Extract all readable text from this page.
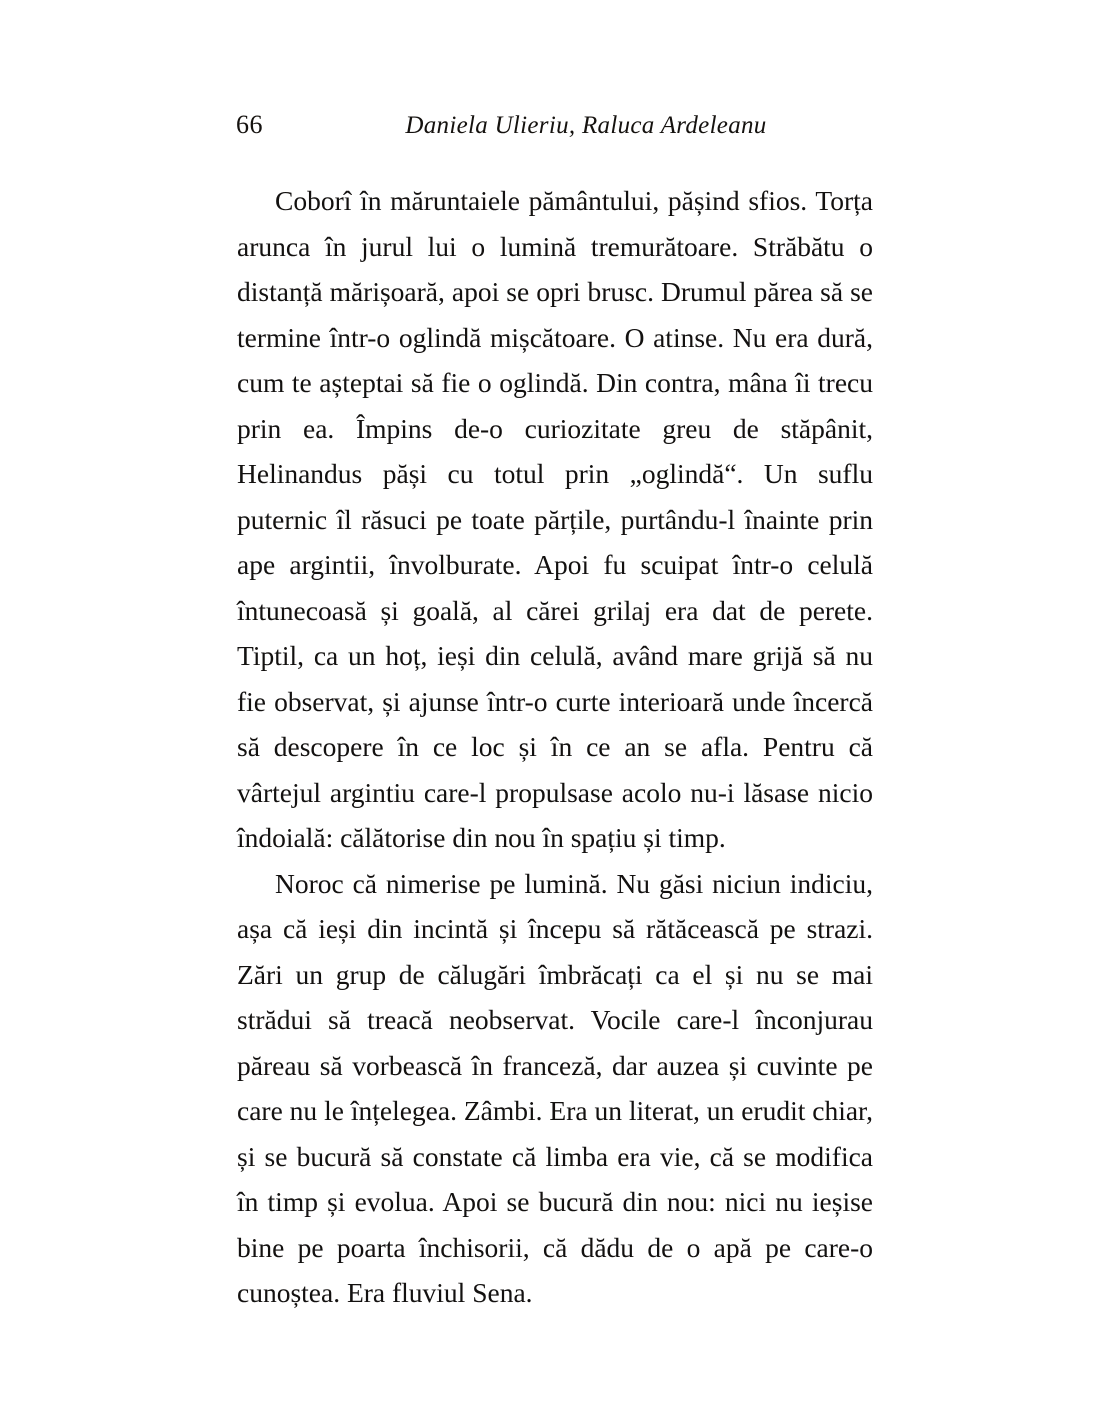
66	Daniela Ulieriu, Raluca Ardeleanu

Coborî în măruntaiele pământului, pășind sfios. Torța arunca în jurul lui o lumină tremurătoare. Străbătu o distanță mărișoară, apoi se opri brusc. Drumul părea să se termine într-o oglindă mișcătoare. O atinse. Nu era dură, cum te așteptai să fie o oglindă. Din contra, mâna îi trecu prin ea. Împins de-o curiozitate greu de stăpânit, Helinandus păși cu totul prin „oglindă“. Un suflu puternic îl răsuci pe toate părțile, purtându-l înainte prin ape argintii, învolburate. Apoi fu scuipat într-o celulă întunecoasă și goală, al cărei grilaj era dat de perete. Tiptil, ca un hoț, ieși din celulă, având mare grijă să nu fie observat, și ajunse într-o curte interioară unde încercă să descopere în ce loc și în ce an se afla. Pentru că vârtejul argintiu care-l propulsase acolo nu-i lăsase nicio îndoială: călătorise din nou în spațiu și timp.

Noroc că nimerise pe lumină. Nu găsi niciun indiciu, așa că ieși din incintă și începu să rătăcească pe strazi. Zări un grup de călugări îmbrăcați ca el și nu se mai strădui să treacă neobservat. Vocile care-l înconjurau păreau să vorbească în franceză, dar auzea și cuvinte pe care nu le înțelegea. Zâmbi. Era un literat, un erudit chiar, și se bucură să constate că limba era vie, că se modifica în timp și evolua. Apoi se bucură din nou: nici nu ieșise bine pe poarta închisorii, că dădu de o apă pe care-o cunoștea. Era fluviul Sena.
